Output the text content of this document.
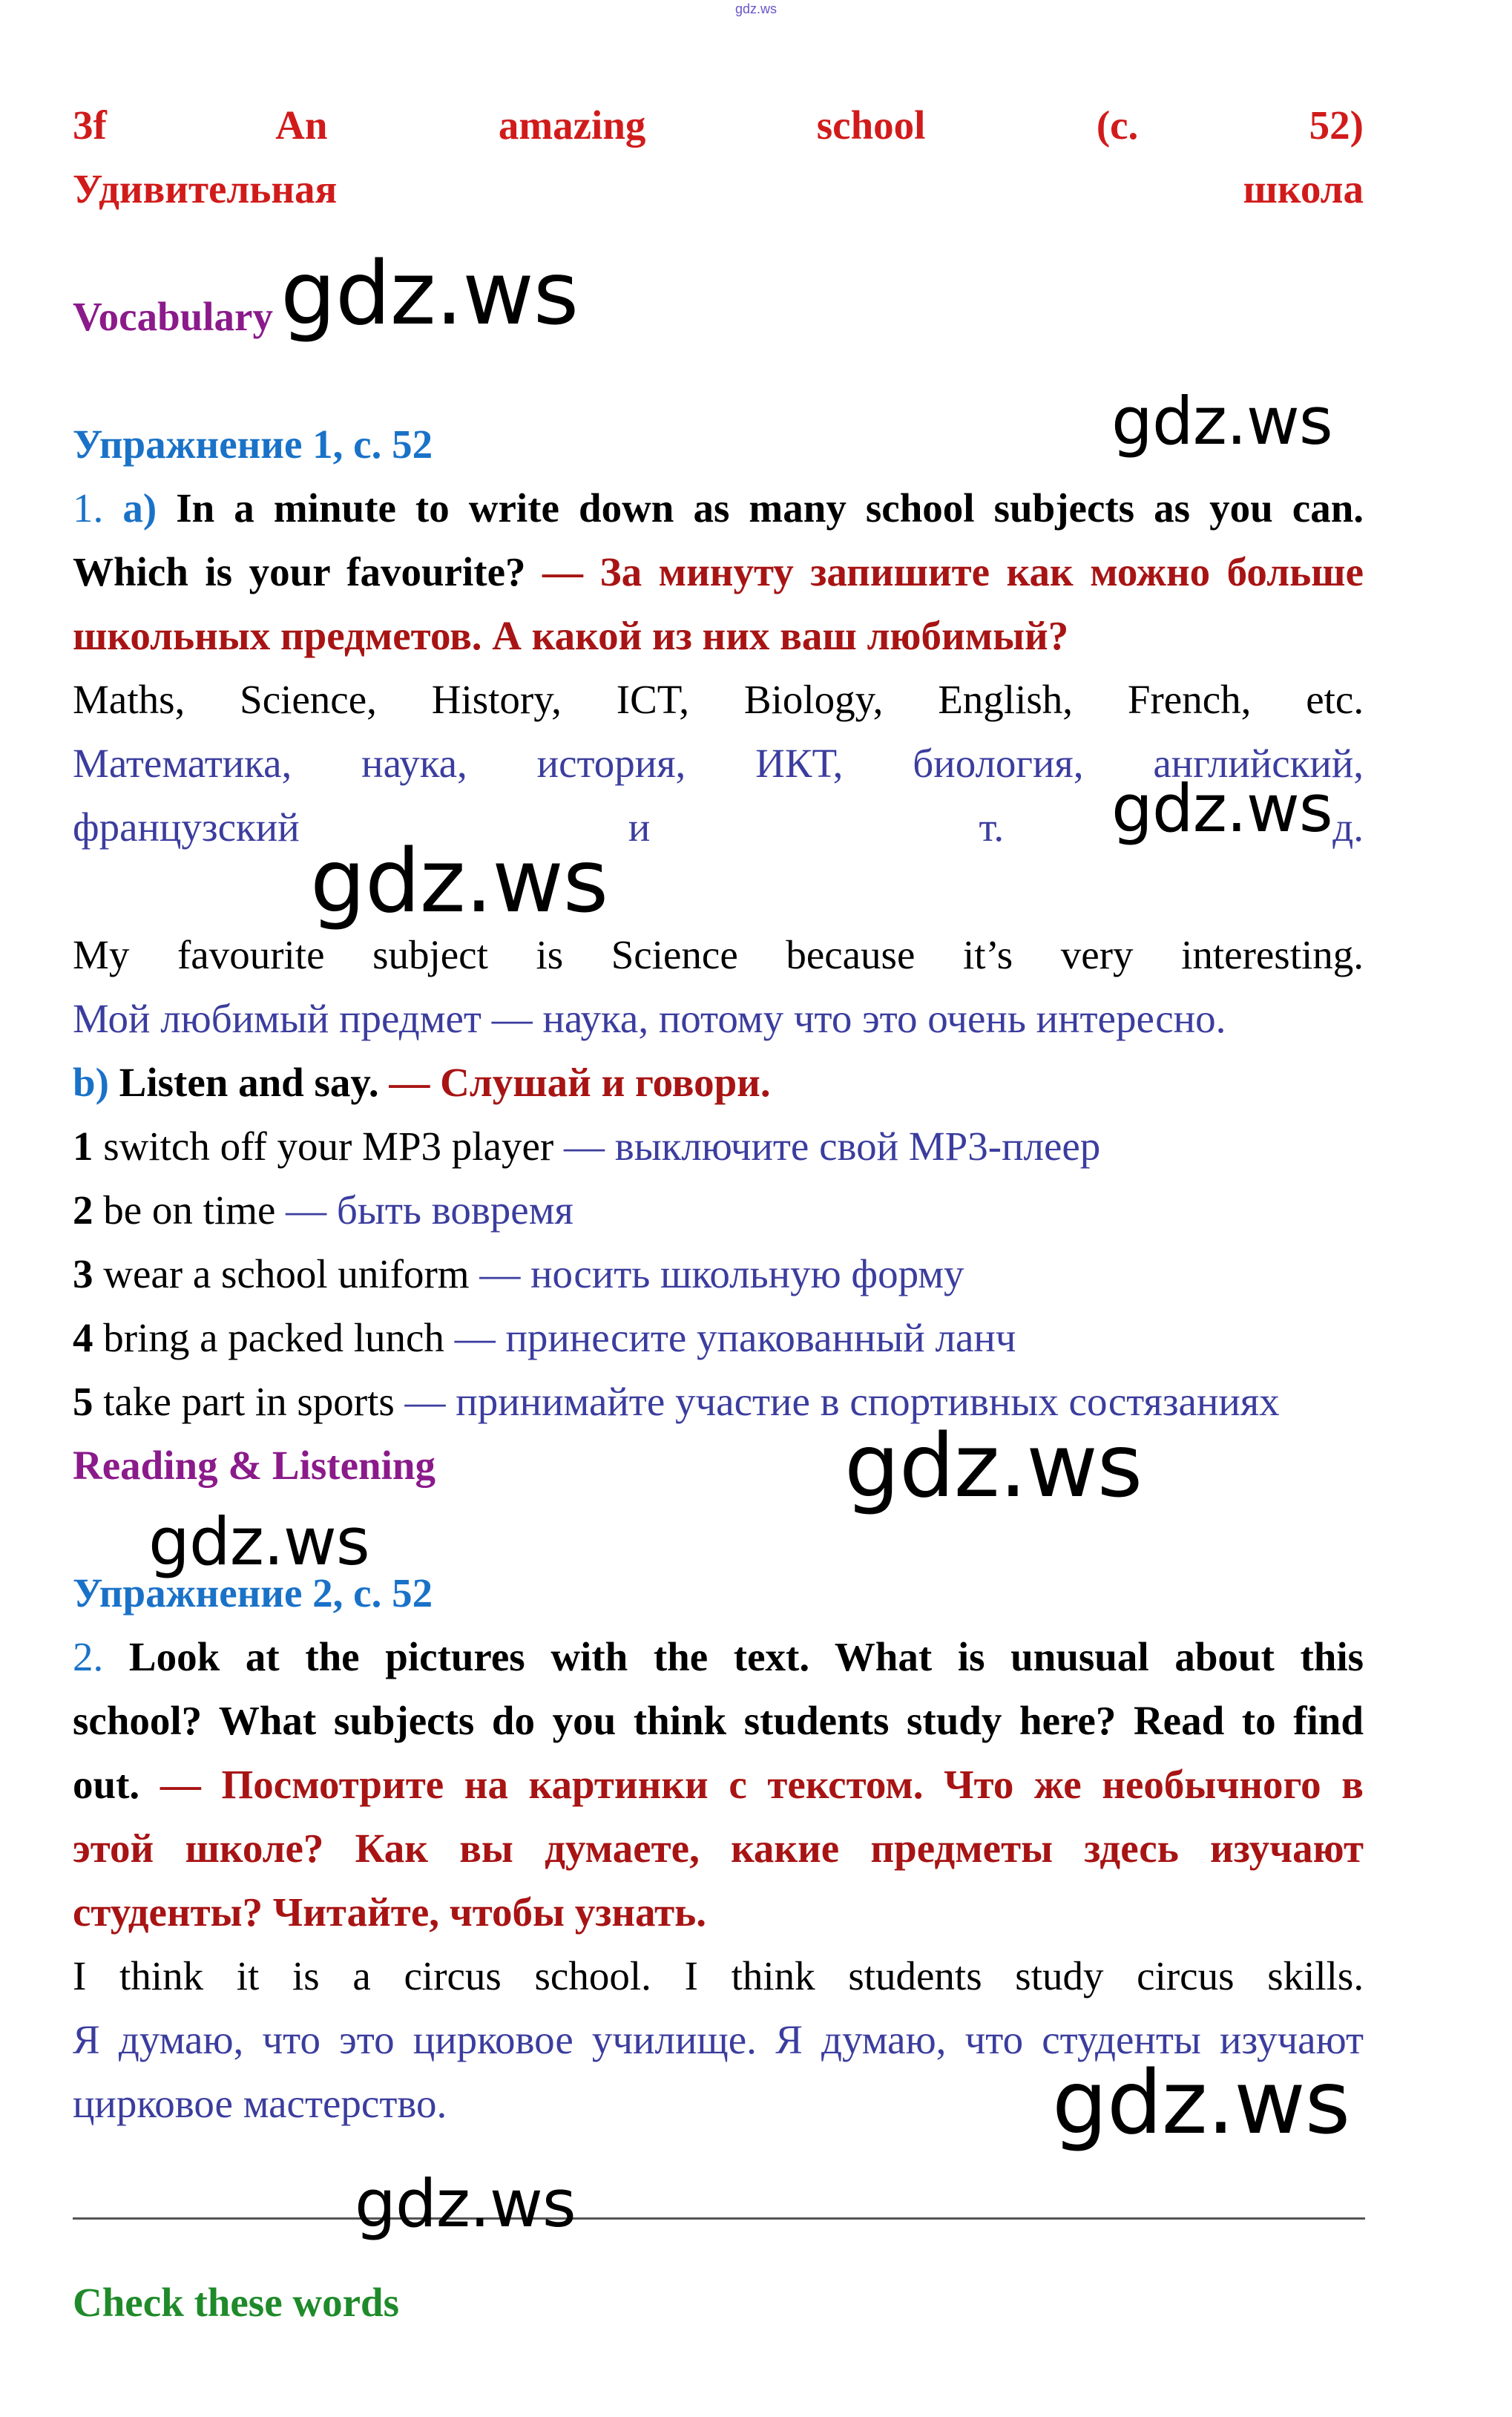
gdz.ws
3f An	amazing	school (с.	52)
Удивительная	школа
Vocabulary
Упражнение 1, с. 52
1. a) In a minute to write down as many school subjects as you can.
Which is your favourite? — За минуту запишите как можно больше
школьных предметов. А какой из них ваш любимый?
Maths, Science, History, ICT, Biology, English, French, etc.
Математика, наука, история, ИКТ, биология, английский,
французский	и	т.	д.
My favourite subject is Science because it’s very interesting.
Мой любимый предмет — наука, потому что это очень интересно.
b) Listen and say. — Слушай и говори.
1 switch off your MP3 player — выключите свой MP3-плеер
2 be on time — быть вовремя
3 wear a school uniform — носить школьную форму
4 bring a packed lunch — принесите упакованный ланч
5 take part in sports — принимайте участие в спортивных состязаниях
Reading & Listening
Упражнение 2, с. 52
2. Look at the pictures with the text. What is unusual about this
school? What subjects do you think students study here? Read to find
out. — Посмотрите на картинки с текстом. Что же необычного в
этой школе? Как вы думаете, какие предметы здесь изучают
студенты? Читайте, чтобы узнать.
I think it is a circus school. I think students study circus skills.
Я думаю, что это цирковое училище. Я думаю, что студенты изучают
цирковое мастерство.
Check these words
gdz.ws
gdz.ws
gdz.ws
gdz.ws
gdz.ws
gdz.ws
gdz.ws
gdz.ws
